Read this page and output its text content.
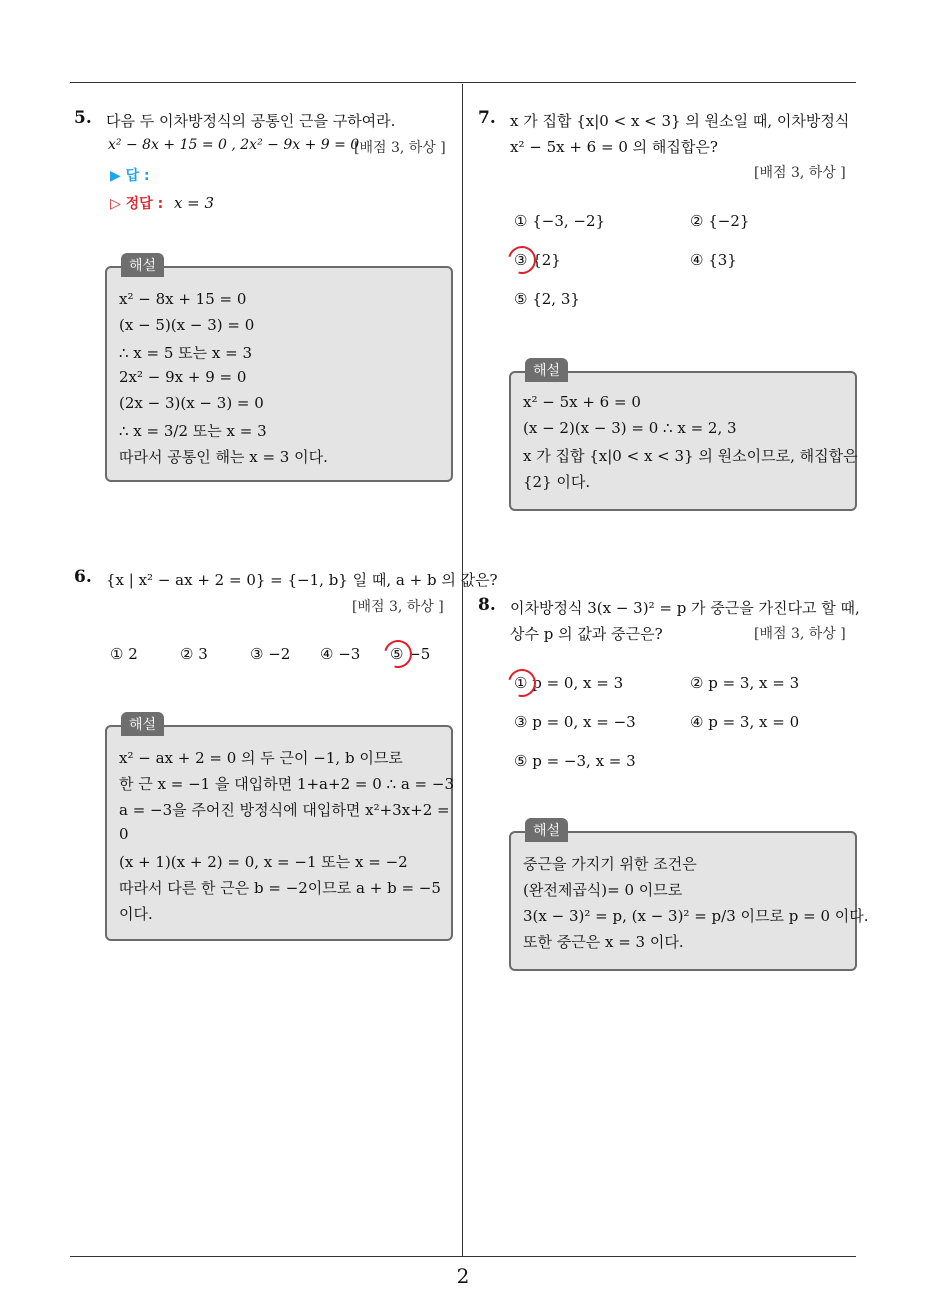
5. 다음 두 이차방정식의 공통인 근을 구하여라.
x² − 8x + 15 = 0 , 2x² − 9x + 9 = 0
[배점 3, 하상 ]
▶ 답 :
▷ 정답 : x = 3
해설
x² − 8x + 15 = 0
(x − 5)(x − 3) = 0
∴ x = 5 또는 x = 3
2x² − 9x + 9 = 0
(2x − 3)(x − 3) = 0
∴ x = 3/2 또는 x = 3
따라서 공통인 해는 x = 3 이다.
6. {x | x² − ax + 2 = 0} = {−1, b} 일 때, a + b 의 값은?
[배점 3, 하상 ]
① 2	② 3	③ −2 ④ −3 ⑤ −5
해설
x² − ax + 2 = 0 의 두 근이 −1, b 이므로
한 근 x = −1 을 대입하면 1+a+2 = 0 ∴ a = −3
a = −3을 주어진 방정식에 대입하면 x²+3x+2 =
0
(x + 1)(x + 2) = 0, x = −1 또는 x = −2
따라서 다른 한 근은 b = −2이므로 a + b = −5
이다.
7. x 가 집합 {x|0 < x < 3} 의 원소일 때, 이차방정식
x² − 5x + 6 = 0 의 해집합은?
[배점 3, 하상 ]
① {−3, −2}	② {−2}
③ {2}	④ {3}
⑤ {2, 3}
해설
x² − 5x + 6 = 0
(x − 2)(x − 3) = 0 ∴ x = 2, 3
x 가 집합 {x|0 < x < 3} 의 원소이므로, 해집합은
{2} 이다.
8. 이차방정식 3(x − 3)² = p 가 중근을 가진다고 할 때,
상수 p 의 값과 중근은?	[배점 3, 하상 ]
① p = 0, x = 3	② p = 3, x = 3
③ p = 0, x = −3	④ p = 3, x = 0
⑤ p = −3, x = 3
해설
중근을 가지기 위한 조건은
(완전제곱식)= 0 이므로
3(x − 3)² = p, (x − 3)² = p/3 이므로 p = 0 이다.
또한 중근은 x = 3 이다.
2
